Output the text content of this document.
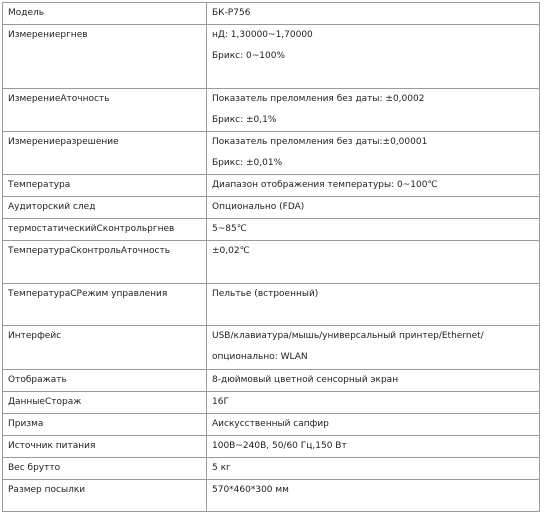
Модель	БК-Р756

Измерениергнев	нД: 1,30000~1,70000
Брикс: 0~100%

ИзмерениеАточность	Показатель преломления без даты: ±0,0002
Брикс: ±0,1%

Измерениеразрешение	Показатель преломления без даты:±0,00001
Брикс: ±0,01%

Температура	Диапазон отображения температуры: 0~100℃

Аудиторский след	Опционально (FDA)

термостатическийСконтрольргнев	5~85℃

ТемпературaСконтрольАточность	±0,02℃

ТемпературaСРежим управления	Пельтье (встроенный)

Интерфейс	USB/клавиатура/мышь/универсальный принтер/Ethernet/
опционально: WLAN

Отображать	8-дюймовый цветной сенсорный экран

ДанныеСторaж	16Г

Призма	Аискусственный сапфир

Источник питания	100В~240В, 50/60 Гц,150 Вт

Вес брутто	5 кг

Размер посылки	570*460*300 мм
